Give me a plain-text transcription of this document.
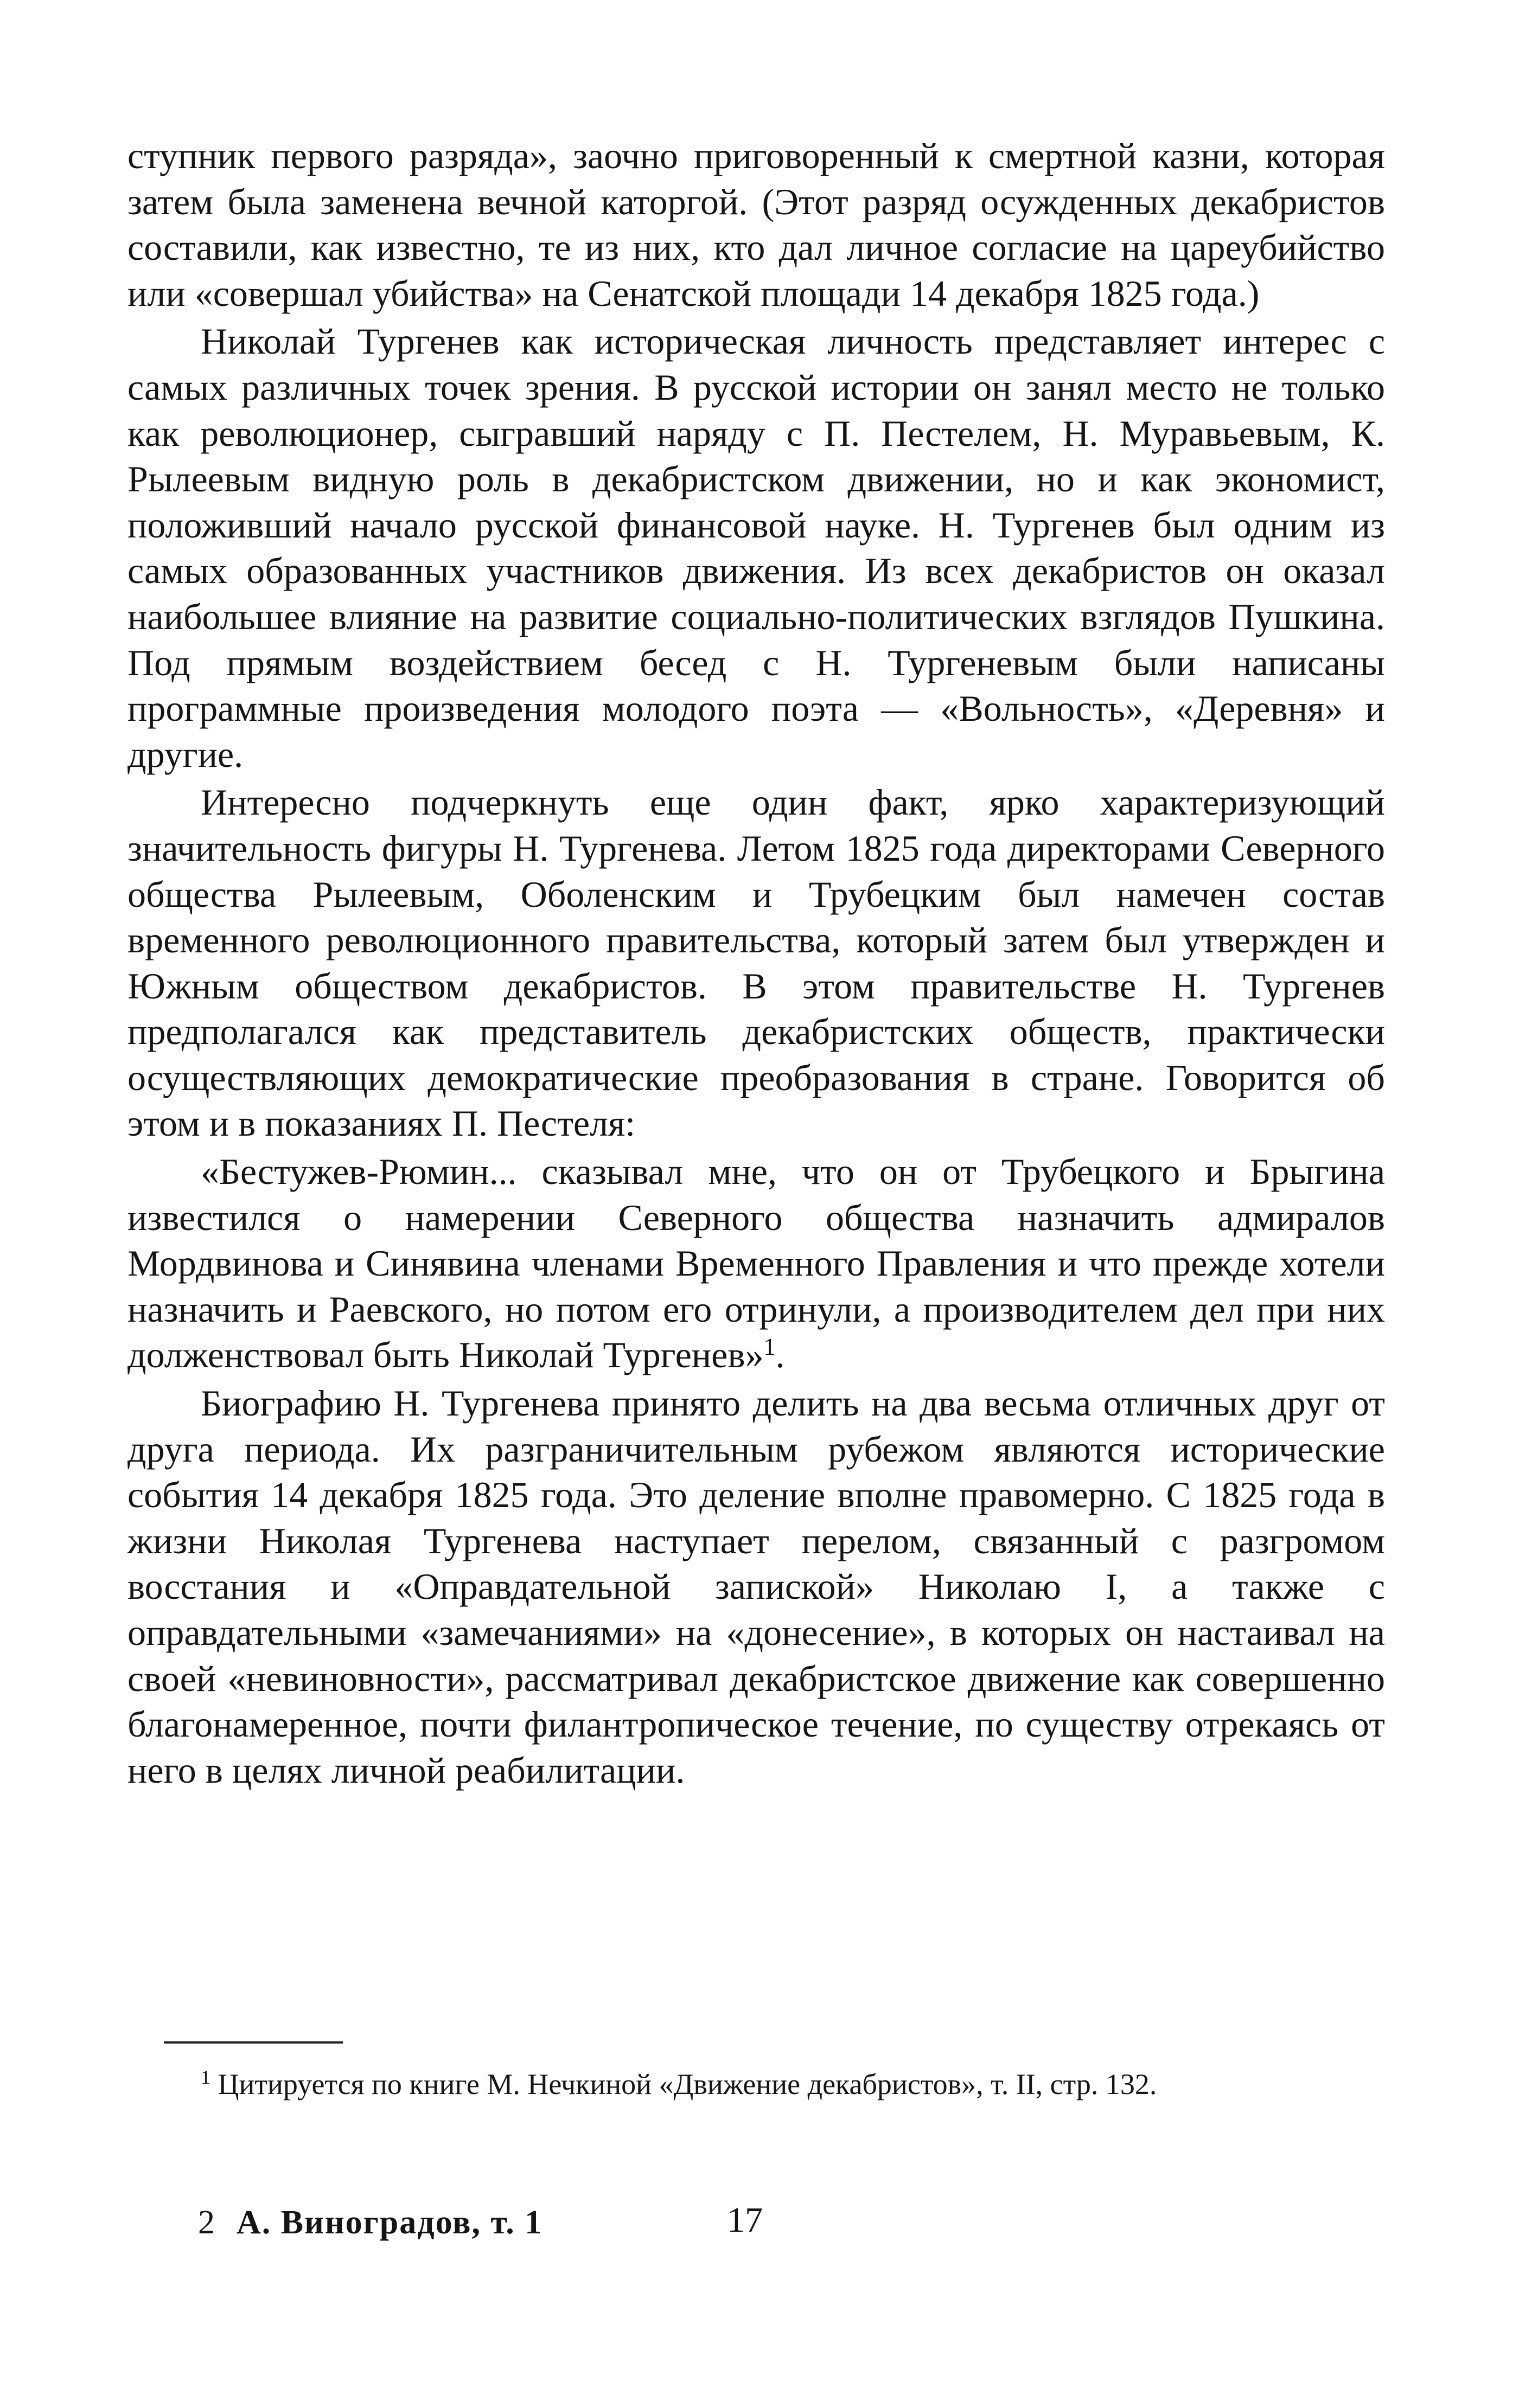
ступник первого разряда», заочно приговоренный к смертной казни, которая затем была заменена вечной каторгой. (Этот разряд осужденных декабристов составили, как известно, те из них, кто дал личное согласие на цареубийство или «совершал убийства» на Сенатской площади 14 декабря 1825 года.)

Николай Тургенев как историческая личность представляет интерес с самых различных точек зрения. В русской истории он занял место не только как революционер, сыгравший наряду с П. Пестелем, Н. Муравьевым, К. Рылеевым видную роль в декабристском движении, но и как экономист, положивший начало русской финансовой науке. Н. Тургенев был одним из самых образованных участников движения. Из всех декабристов он оказал наибольшее влияние на развитие социально-политических взглядов Пушкина. Под прямым воздействием бесед с Н. Тургеневым были написаны программные произведения молодого поэта — «Вольность», «Деревня» и другие.

Интересно подчеркнуть еще один факт, ярко характеризующий значительность фигуры Н. Тургенева. Летом 1825 года директорами Северного общества Рылеевым, Оболенским и Трубецким был намечен состав временного революционного правительства, который затем был утвержден и Южным обществом декабристов. В этом правительстве Н. Тургенев предполагался как представитель декабристских обществ, практически осуществляющих демократические преобразования в стране. Говорится об этом и в показаниях П. Пестеля:

«Бестужев-Рюмин... сказывал мне, что он от Трубецкого и Брыгина известился о намерении Северного общества назначить адмиралов Мордвинова и Синявина членами Временного Правления и что прежде хотели назначить и Раевского, но потом его отринули, а производителем дел при них долженствовал быть Николай Тургенев»$^1$.

Биографию Н. Тургенева принято делить на два весьма отличных друг от друга периода. Их разграничительным рубежом являются исторические события 14 декабря 1825 года. Это деление вполне правомерно. С 1825 года в жизни Николая Тургенева наступает перелом, связанный с разгромом восстания и «Оправдательной запиской» Николаю I, а также с оправдательными «замечаниями» на «донесение», в которых он настаивал на своей «невиновности», рассматривал декабристское движение как совершенно благонамеренное, почти филантропическое течение, по существу отрекаясь от него в целях личной реабилитации.

$^1$ Цитируется по книге М. Нечкиной «Движение декабристов», т. II, стр. 132.
2 А. Виноградов, т. 1	17
